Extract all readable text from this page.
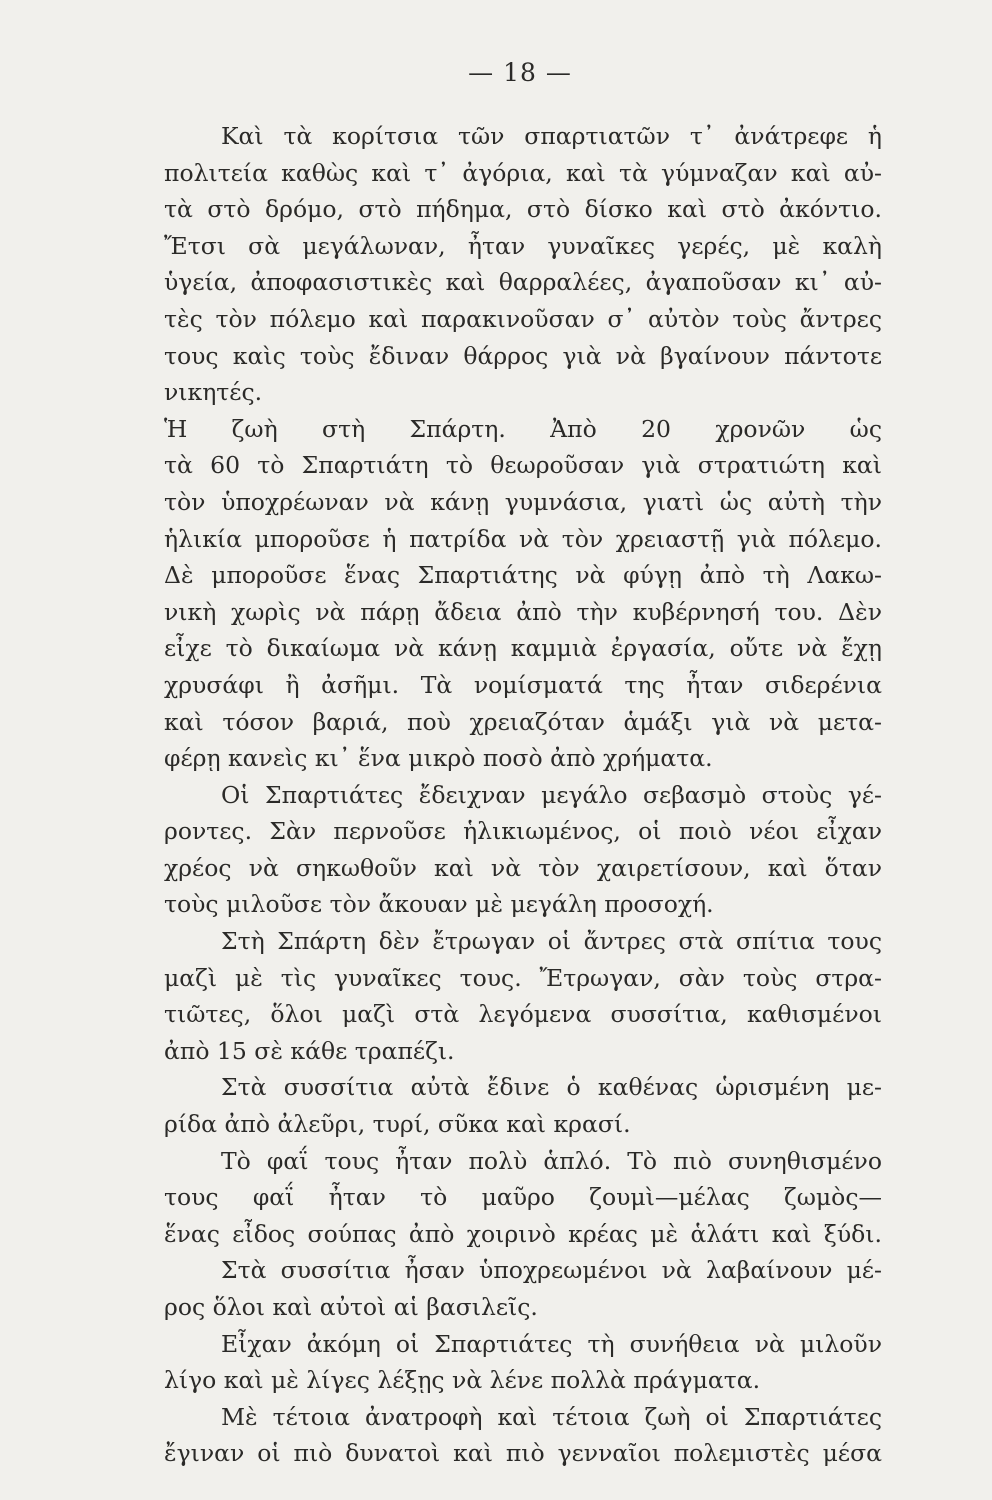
— 18 —
Καὶ τὰ κορίτσια τῶν σπαρτιατῶν τ᾽ ἀνάτρεφε ἡ
πολιτεία καθὼς καὶ τ᾽ ἀγόρια, καὶ τὰ γύμναζαν καὶ αὐ-
τὰ στὸ δρόμο, στὸ πήδημα, στὸ δίσκο καὶ στὸ ἀκόντιο.
Ἔτσι σὰ μεγάλωναν, ἦταν γυναῖκες γερές, μὲ καλὴ
ὑγεία, ἀποφασιστικὲς καὶ θαρραλέες, ἀγαποῦσαν κι᾽ αὐ-
τὲς τὸν πόλεμο καὶ παρακινοῦσαν σ᾽ αὐτὸν τοὺς ἄντρες
τους καὶς τοὺς ἔδιναν θάρρος γιὰ νὰ βγαίνουν πάντοτε
νικητές.
Ἡ ζωὴ στὴ Σπάρτη. Ἀπὸ 20 χρονῶν ὡς
τὰ 60 τὸ Σπαρτιάτη τὸ θεωροῦσαν γιὰ στρατιώτη καὶ
τὸν ὑποχρέωναν νὰ κάνῃ γυμνάσια, γιατὶ ὡς αὐτὴ τὴν
ἡλικία μποροῦσε ἡ πατρίδα νὰ τὸν χρειαστῇ γιὰ πόλεμο.
Δὲ μποροῦσε ἕνας Σπαρτιάτης νὰ φύγῃ ἀπὸ τὴ Λακω-
νικὴ χωρὶς νὰ πάρῃ ἄδεια ἀπὸ τὴν κυβέρνησή του. Δὲν
εἶχε τὸ δικαίωμα νὰ κάνῃ καμμιὰ ἐργασία, οὔτε νὰ ἔχῃ
χρυσάφι ἢ ἀσῆμι. Τὰ νομίσματά της ἦταν σιδερένια
καὶ τόσον βαριά, ποὺ χρειαζόταν ἁμάξι γιὰ νὰ μετα-
φέρῃ κανεὶς κι᾽ ἕνα μικρὸ ποσὸ ἀπὸ χρήματα.
Οἱ Σπαρτιάτες ἔδειχναν μεγάλο σεβασμὸ στοὺς γέ-
ροντες. Σὰν περνοῦσε ἡλικιωμένος, οἱ ποιὸ νέοι εἶχαν
χρέος νὰ σηκωθοῦν καὶ νὰ τὸν χαιρετίσουν, καὶ ὅταν
τοὺς μιλοῦσε τὸν ἄκουαν μὲ μεγάλη προσοχή.
Στὴ Σπάρτη δὲν ἔτρωγαν οἱ ἄντρες στὰ σπίτια τους
μαζὶ μὲ τὶς γυναῖκες τους. Ἔτρωγαν, σὰν τοὺς στρα-
τιῶτες, ὅλοι μαζὶ στὰ λεγόμενα συσσίτια, καθισμένοι
ἀπὸ 15 σὲ κάθε τραπέζι.
Στὰ συσσίτια αὐτὰ ἔδινε ὁ καθένας ὡρισμένη με-
ρίδα ἀπὸ ἀλεῦρι, τυρί, σῦκα καὶ κρασί.
Τὸ φαΐ τους ἦταν πολὺ ἁπλό. Τὸ πιὸ συνηθισμένο
τους φαΐ ἦταν τὸ μαῦρο ζουμὶ—μέλας ζωμὸς—
ἕνας εἶδος σούπας ἀπὸ χοιρινὸ κρέας μὲ ἁλάτι καὶ ξύδι.
Στὰ συσσίτια ἦσαν ὑποχρεωμένοι νὰ λαβαίνουν μέ-
ρος ὅλοι καὶ αὐτοὶ αἱ βασιλεῖς.
Εἶχαν ἀκόμη οἱ Σπαρτιάτες τὴ συνήθεια νὰ μιλοῦν
λίγο καὶ μὲ λίγες λέξῃς νὰ λένε πολλὰ πράγματα.
Μὲ τέτοια ἀνατροφὴ καὶ τέτοια ζωὴ οἱ Σπαρτιάτες
ἔγιναν οἱ πιὸ δυνατοὶ καὶ πιὸ γενναῖοι πολεμιστὲς μέσα
